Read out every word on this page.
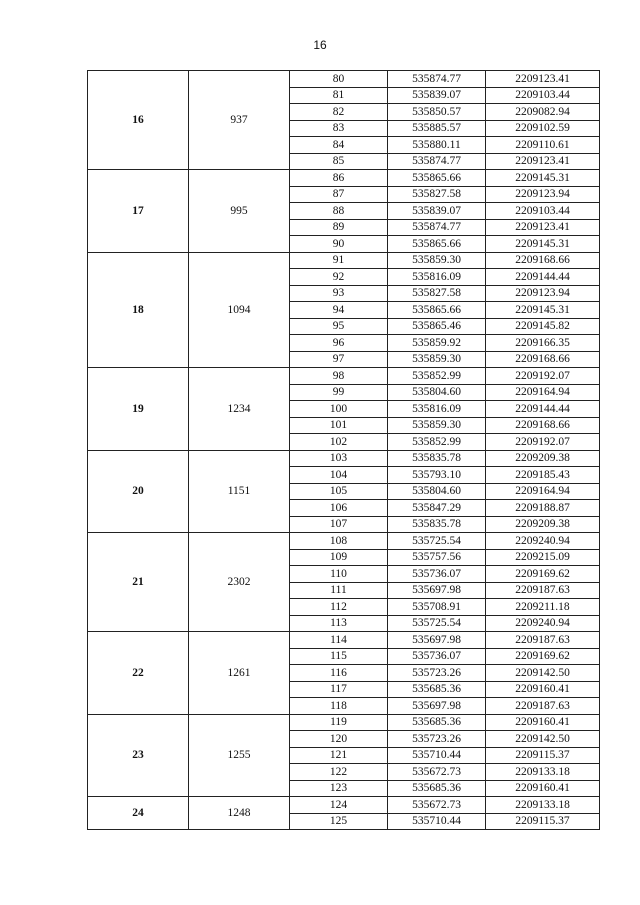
16
16	937	80	535874.77	2209123.41
		81	535839.07	2209103.44
		82	535850.57	2209082.94
		83	535885.57	2209102.59
		84	535880.11	2209110.61
		85	535874.77	2209123.41
17	995	86	535865.66	2209145.31
		87	535827.58	2209123.94
		88	535839.07	2209103.44
		89	535874.77	2209123.41
		90	535865.66	2209145.31
18	1094	91	535859.30	2209168.66
		92	535816.09	2209144.44
		93	535827.58	2209123.94
		94	535865.66	2209145.31
		95	535865.46	2209145.82
		96	535859.92	2209166.35
		97	535859.30	2209168.66
19	1234	98	535852.99	2209192.07
		99	535804.60	2209164.94
		100	535816.09	2209144.44
		101	535859.30	2209168.66
		102	535852.99	2209192.07
20	1151	103	535835.78	2209209.38
		104	535793.10	2209185.43
		105	535804.60	2209164.94
		106	535847.29	2209188.87
		107	535835.78	2209209.38
21	2302	108	535725.54	2209240.94
		109	535757.56	2209215.09
		110	535736.07	2209169.62
		111	535697.98	2209187.63
		112	535708.91	2209211.18
		113	535725.54	2209240.94
22	1261	114	535697.98	2209187.63
		115	535736.07	2209169.62
		116	535723.26	2209142.50
		117	535685.36	2209160.41
		118	535697.98	2209187.63
23	1255	119	535685.36	2209160.41
		120	535723.26	2209142.50
		121	535710.44	2209115.37
		122	535672.73	2209133.18
		123	535685.36	2209160.41
24	1248	124	535672.73	2209133.18
		125	535710.44	2209115.37
